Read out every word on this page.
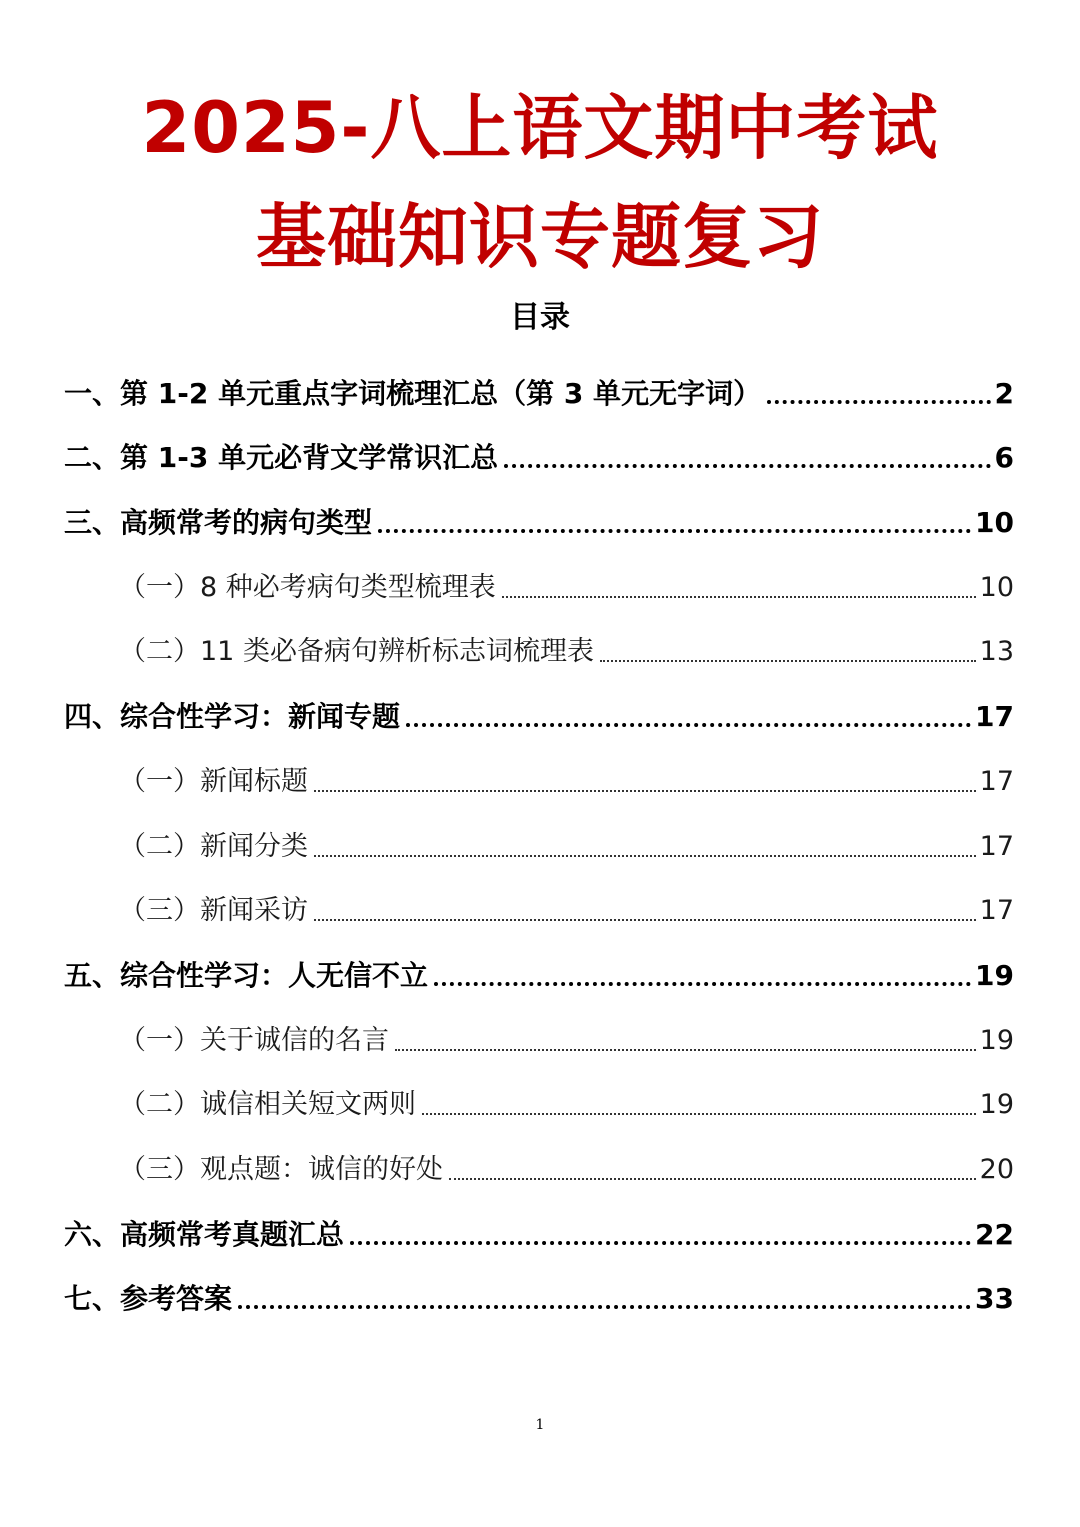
2025-八上语文期中考试
基础知识专题复习
目录
一、第 1-2 单元重点字词梳理汇总（第 3 单元无字词）	2
二、第 1-3 单元必背文学常识汇总	6
三、高频常考的病句类型	10
（一）8 种必考病句类型梳理表	10
（二）11 类必备病句辨析标志词梳理表	13
四、综合性学习：新闻专题	17
（一）新闻标题	17
（二）新闻分类	17
（三）新闻采访	17
五、综合性学习：人无信不立	19
（一）关于诚信的名言	19
（二）诚信相关短文两则	19
（三）观点题：诚信的好处	20
六、高频常考真题汇总	22
七、参考答案	33
1
